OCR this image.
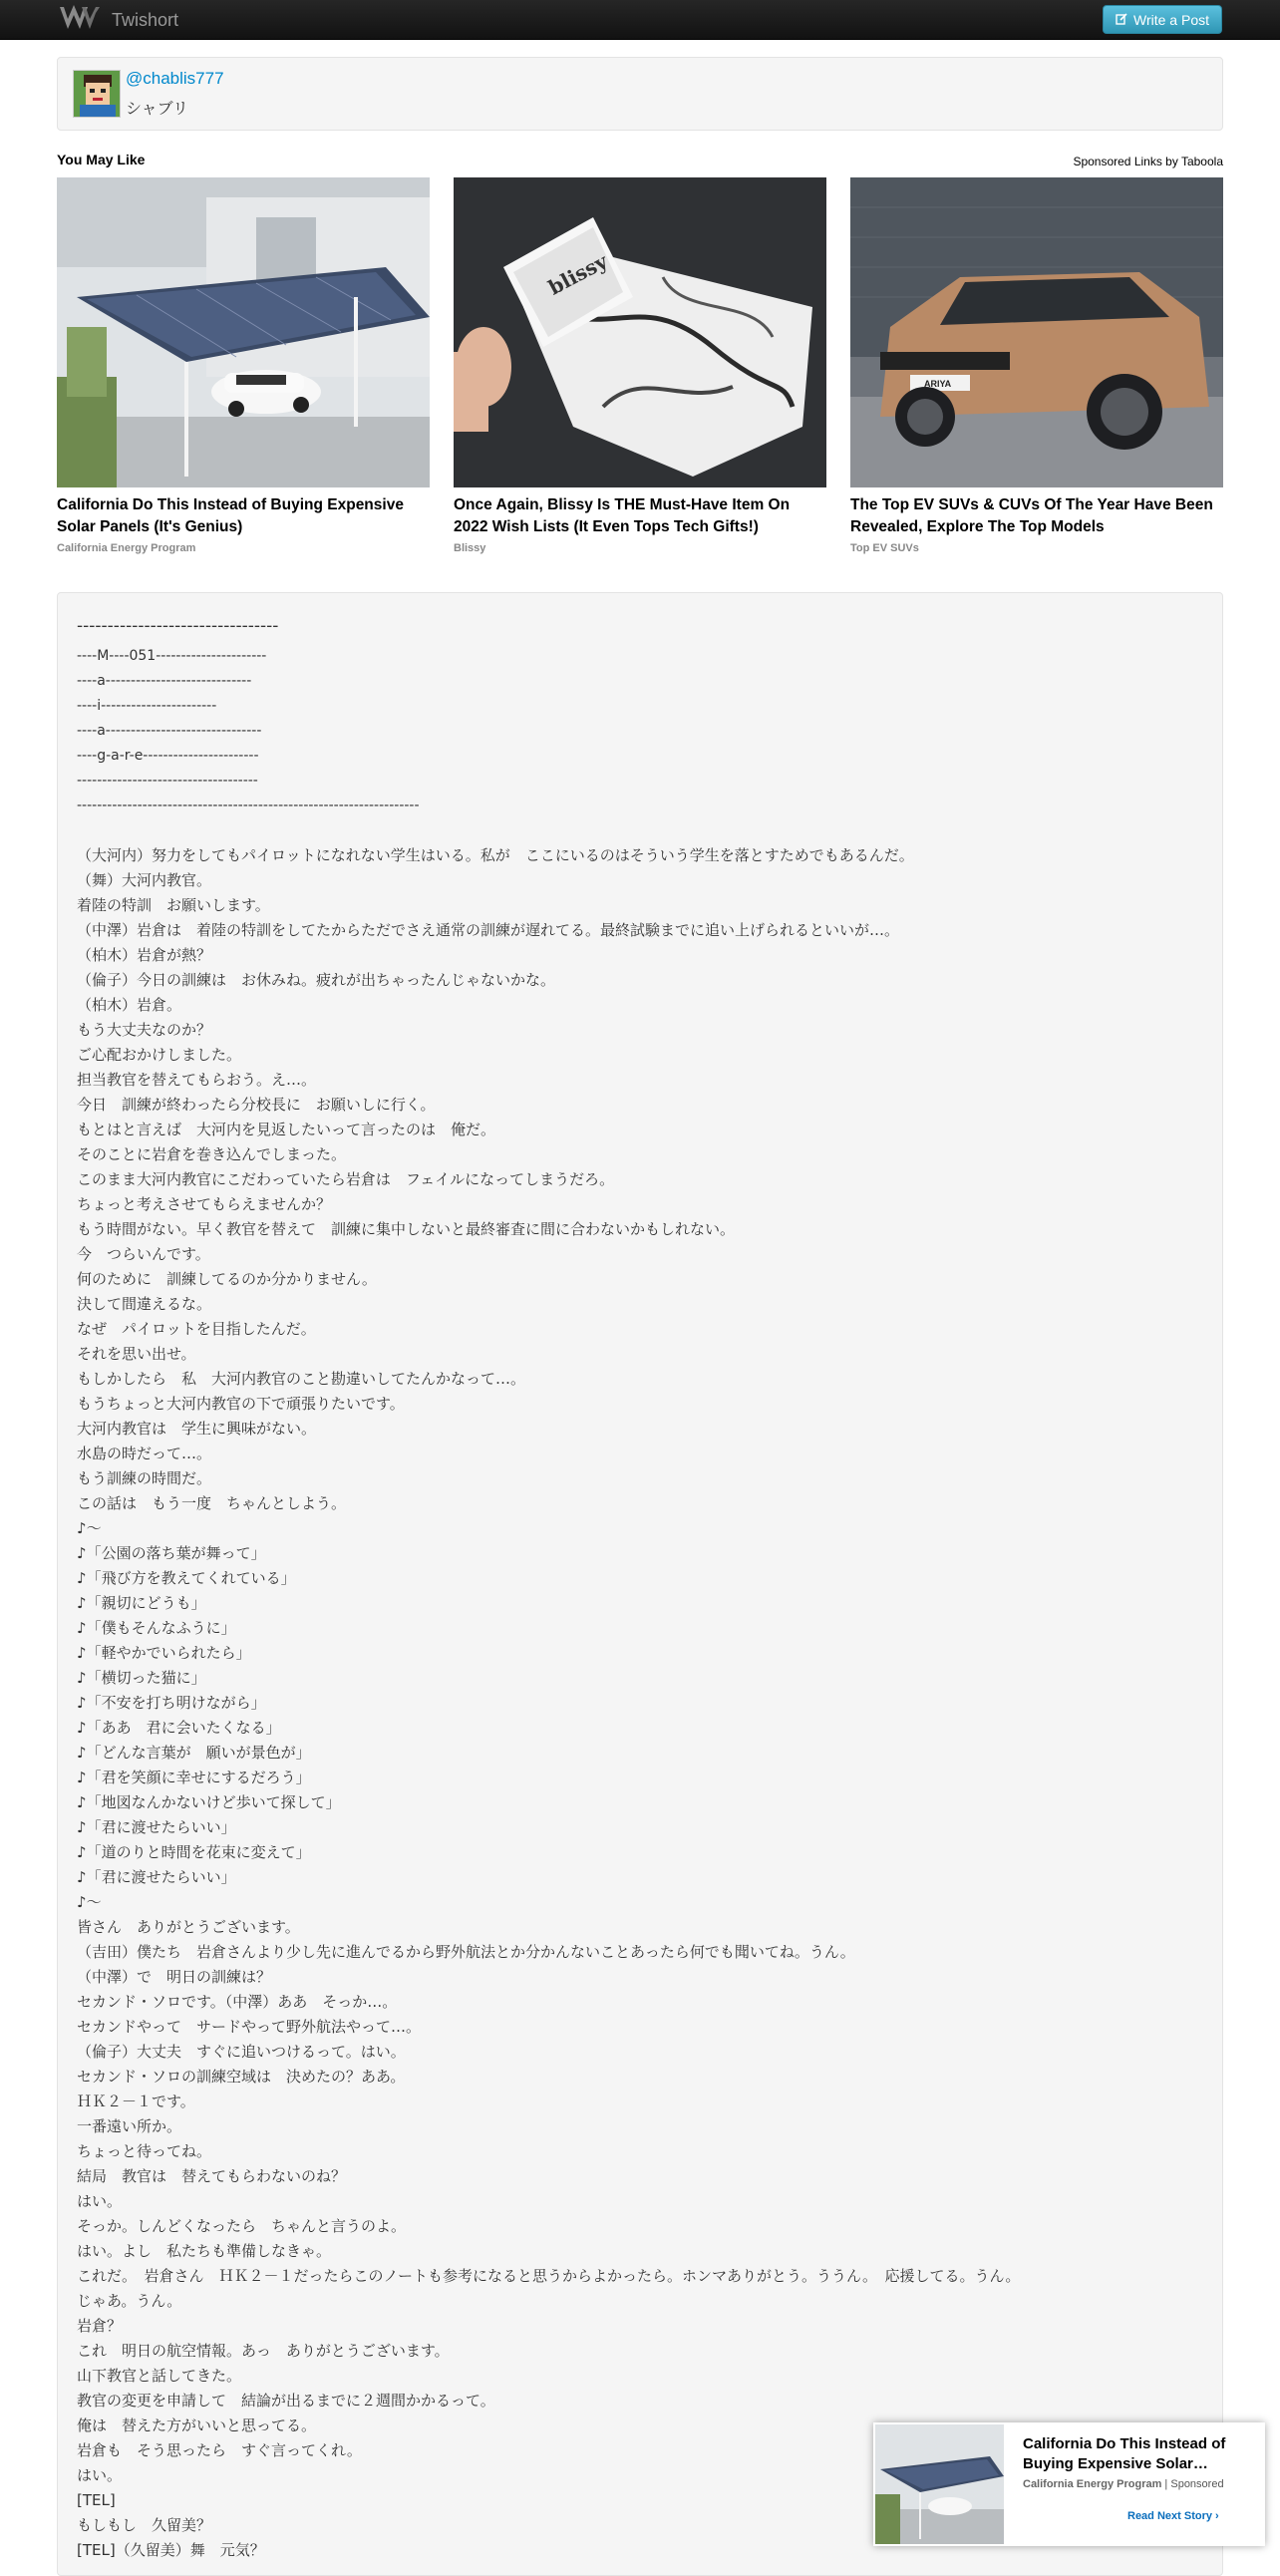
Twishort	Write a Post
@chablis777
シャブリ
You May Like	Sponsored Links by Taboola
California Do This Instead of Buying Expensive Solar Panels (It's Genius)
California Energy Program
blissy
Once Again, Blissy Is THE Must-Have Item On 2022 Wish Lists (It Even Tops Tech Gifts!)
Blissy
ARIYA
The Top EV SUVs & CUVs Of The Year Have Been Revealed, Explore The Top Models
Top EV SUVs
---------------------------------
----M----051----------------------
----a-----------------------------
----i-----------------------
----a-------------------------------
----g-a-r-e-----------------------
------------------------------------
--------------------------------------------------------------------
（大河内）努力をしてもパイロットになれない学生はいる。私が　ここにいるのはそういう学生を落とすためでもあるんだ。
（舞）大河内教官。
着陸の特訓　お願いします。
（中澤）岩倉は　着陸の特訓をしてたからただでさえ通常の訓練が遅れてる。最終試験までに追い上げられるといいが…。
（柏木）岩倉が熱？
（倫子）今日の訓練は　お休みね。疲れが出ちゃったんじゃないかな。
（柏木）岩倉。
もう大丈夫なのか？
ご心配おかけしました。
担当教官を替えてもらおう。え…。
今日　訓練が終わったら分校長に　お願いしに行く。
もとはと言えば　大河内を見返したいって言ったのは　俺だ。
そのことに岩倉を巻き込んでしまった。
このまま大河内教官にこだわっていたら岩倉は　フェイルになってしまうだろ。
ちょっと考えさせてもらえませんか？
もう時間がない。早く教官を替えて　訓練に集中しないと最終審査に間に合わないかもしれない。
今　つらいんです。
何のために　訓練してるのか分かりません。
決して間違えるな。
なぜ　パイロットを目指したんだ。
それを思い出せ。
もしかしたら　私　大河内教官のこと勘違いしてたんかなって…。
もうちょっと大河内教官の下で頑張りたいです。
大河内教官は　学生に興味がない。
水島の時だって…。
もう訓練の時間だ。
この話は　もう一度　ちゃんとしよう。
♪～
♪「公園の落ち葉が舞って」
♪「飛び方を教えてくれている」
♪「親切にどうも」
♪「僕もそんなふうに」
♪「軽やかでいられたら」
♪「横切った猫に」
♪「不安を打ち明けながら」
♪「ああ　君に会いたくなる」
♪「どんな言葉が　願いが景色が」
♪「君を笑顔に幸せにするだろう」
♪「地図なんかないけど歩いて探して」
♪「君に渡せたらいい」
♪「道のりと時間を花束に変えて」
♪「君に渡せたらいい」
♪～
皆さん　ありがとうございます。
（吉田）僕たち　岩倉さんより少し先に進んでるから野外航法とか分かんないことあったら何でも聞いてね。うん。
（中澤）で　明日の訓練は？
セカンド・ソロです。（中澤）ああ　そっか…。
セカンドやって　サードやって野外航法やって…。
（倫子）大丈夫　すぐに追いつけるって。はい。
セカンド・ソロの訓練空域は　決めたの？ああ。
ＨＫ２－１です。
一番遠い所か。
ちょっと待ってね。
結局　教官は　替えてもらわないのね？
はい。
そっか。しんどくなったら　ちゃんと言うのよ。
はい。よし　私たちも準備しなきゃ。
これだ。　岩倉さん　ＨＫ２－１だったらこのノートも参考になると思うからよかったら。ホンマありがとう。ううん。　応援してる。うん。
じゃあ。うん。
岩倉？
これ　明日の航空情報。あっ　ありがとうございます。
山下教官と話してきた。
教官の変更を申請して　結論が出るまでに２週間かかるって。
俺は　替えた方がいいと思ってる。
岩倉も　そう思ったら　すぐ言ってくれ。
はい。
[TEL]
もしもし　久留美？
[TEL]（久留美）舞　元気？
California Do This Instead of Buying Expensive Solar…
California Energy Program | Sponsored
Read Next Story ›
